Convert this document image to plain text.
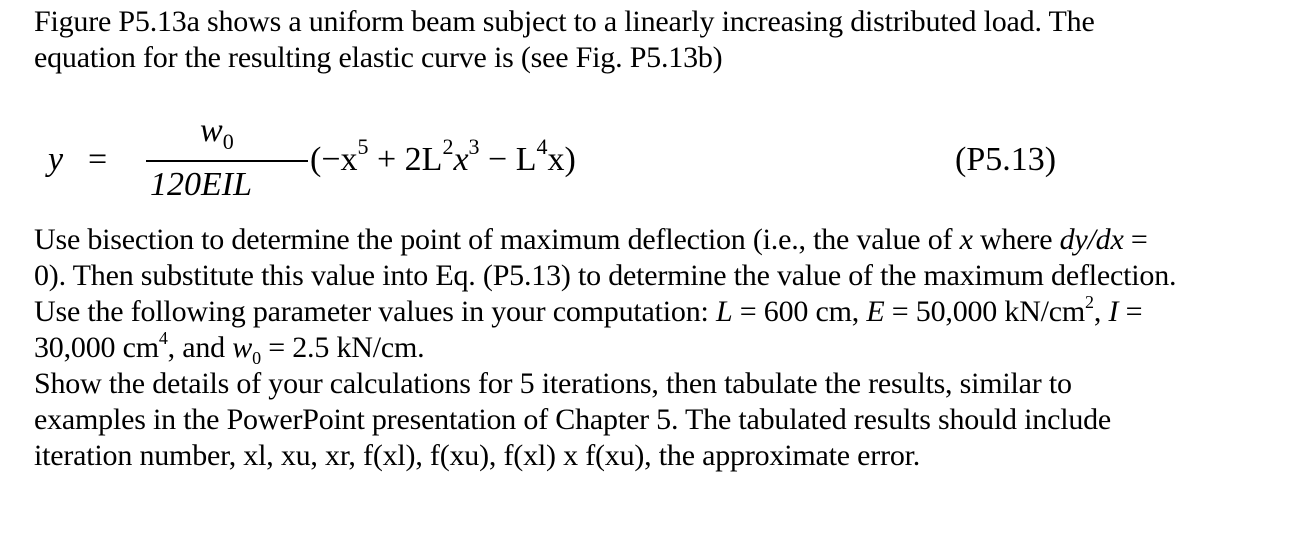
Figure P5.13a shows a uniform beam subject to a linearly increasing distributed load. The
equation for the resulting elastic curve is (see Fig. P5.13b)
y =
$w_0$
120EIL
$(-x^5 + 2L^2x^3 - L^4x)$	(P5.13)
Use bisection to determine the point of maximum deflection (i.e., the value of x where dy/dx =
0). Then substitute this value into Eq. (P5.13) to determine the value of the maximum deflection.
Use the following parameter values in your computation: L = 600 cm, E = 50,000 $kN/cm^2$, I =
30,000 $cm^4$, and $w_0 = 2.5$ kN/cm.
Show the details of your calculations for 5 iterations, then tabulate the results, similar to
examples in the PowerPoint presentation of Chapter 5. The tabulated results should include
iteration number, xl, xu, xr, f(xl), f(xu), f(xl) x f(xu), the approximate error.
